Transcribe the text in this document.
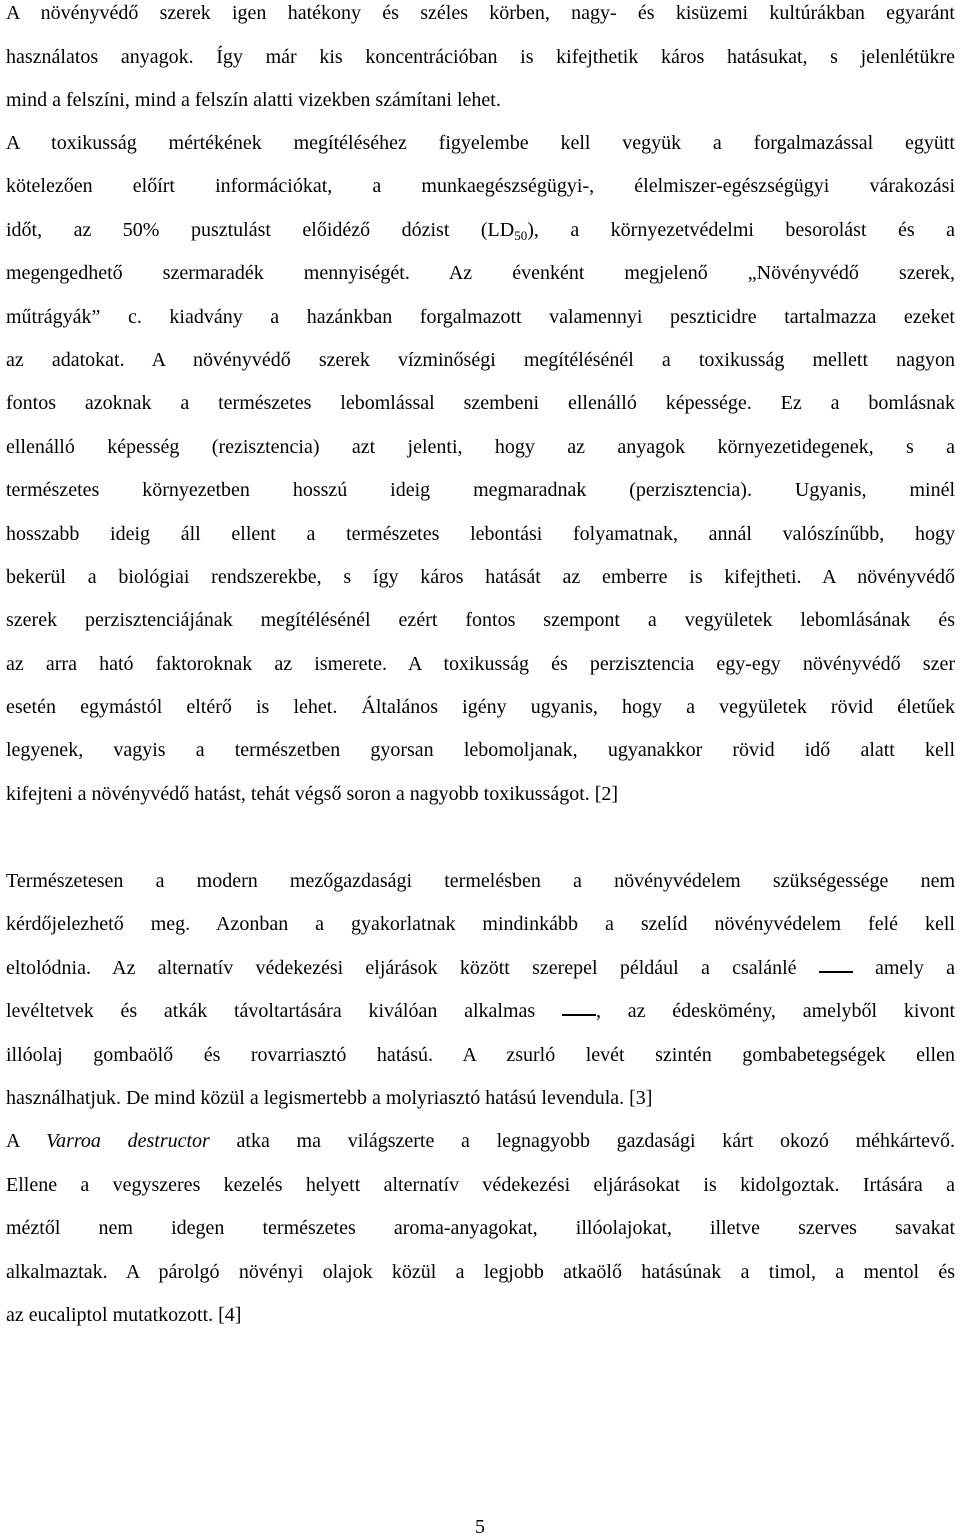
A növényvédő szerek igen hatékony és széles körben, nagy- és kisüzemi kultúrákban egyaránt
használatos anyagok. Így már kis koncentrációban is kifejthetik káros hatásukat, s jelenlétükre
mind a felszíni, mind a felszín alatti vizekben számítani lehet.
A toxikusság mértékének megítéléséhez figyelembe kell vegyük a forgalmazással együtt
kötelezően előírt információkat, a munkaegészségügyi-, élelmiszer-egészségügyi várakozási
időt, az 50% pusztulást előidéző dózist $(LD_{50})$, a környezetvédelmi besorolást és a
megengedhető szermaradék mennyiségét. Az évenként megjelenő „Növényvédő szerek,
műtrágyák” c. kiadvány a hazánkban forgalmazott valamennyi peszticidre tartalmazza ezeket
az adatokat. A növényvédő szerek vízminőségi megítélésénél a toxikusság mellett nagyon
fontos azoknak a természetes lebomlással szembeni ellenálló képessége. Ez a bomlásnak
ellenálló képesség (rezisztencia) azt jelenti, hogy az anyagok környezetidegenek, s a
természetes környezetben hosszú ideig megmaradnak (perzisztencia). Ugyanis, minél
hosszabb ideig áll ellent a természetes lebontási folyamatnak, annál valószínűbb, hogy
bekerül a biológiai rendszerekbe, s így káros hatását az emberre is kifejtheti. A növényvédő
szerek perzisztenciájának megítélésénél ezért fontos szempont a vegyületek lebomlásának és
az arra ható faktoroknak az ismerete. A toxikusság és perzisztencia egy-egy növényvédő szer
esetén egymástól eltérő is lehet. Általános igény ugyanis, hogy a vegyületek rövid életűek
legyenek, vagyis a természetben gyorsan lebomoljanak, ugyanakkor rövid idő alatt kell
kifejteni a növényvédő hatást, tehát végső soron a nagyobb toxikusságot. [2]
Természetesen a modern mezőgazdasági termelésben a növényvédelem szükségessége nem
kérdőjelezhető meg. Azonban a gyakorlatnak mindinkább a szelíd növényvédelem felé kell
eltolódnia. Az alternatív védekezési eljárások között szerepel például a csalánlé	amely a
levéltetvek és atkák távoltartására kiválóan alkalmas	, az édeskömény, amelyből kivont
illóolaj gombaölő és rovarriasztó hatású. A zsurló levét szintén gombabetegségek ellen
használhatjuk. De mind közül a legismertebb a molyriasztó hatású levendula. [3]
A Varroa destructor atka ma világszerte a legnagyobb gazdasági kárt okozó méhkártevő.
Ellene a vegyszeres kezelés helyett alternatív védekezési eljárásokat is kidolgoztak. Irtására a
méztől nem idegen természetes aroma-anyagokat, illóolajokat, illetve szerves savakat
alkalmaztak. A párolgó növényi olajok közül a legjobb atkaölő hatásúnak a timol, a mentol és
az eucaliptol mutatkozott. [4]
5
